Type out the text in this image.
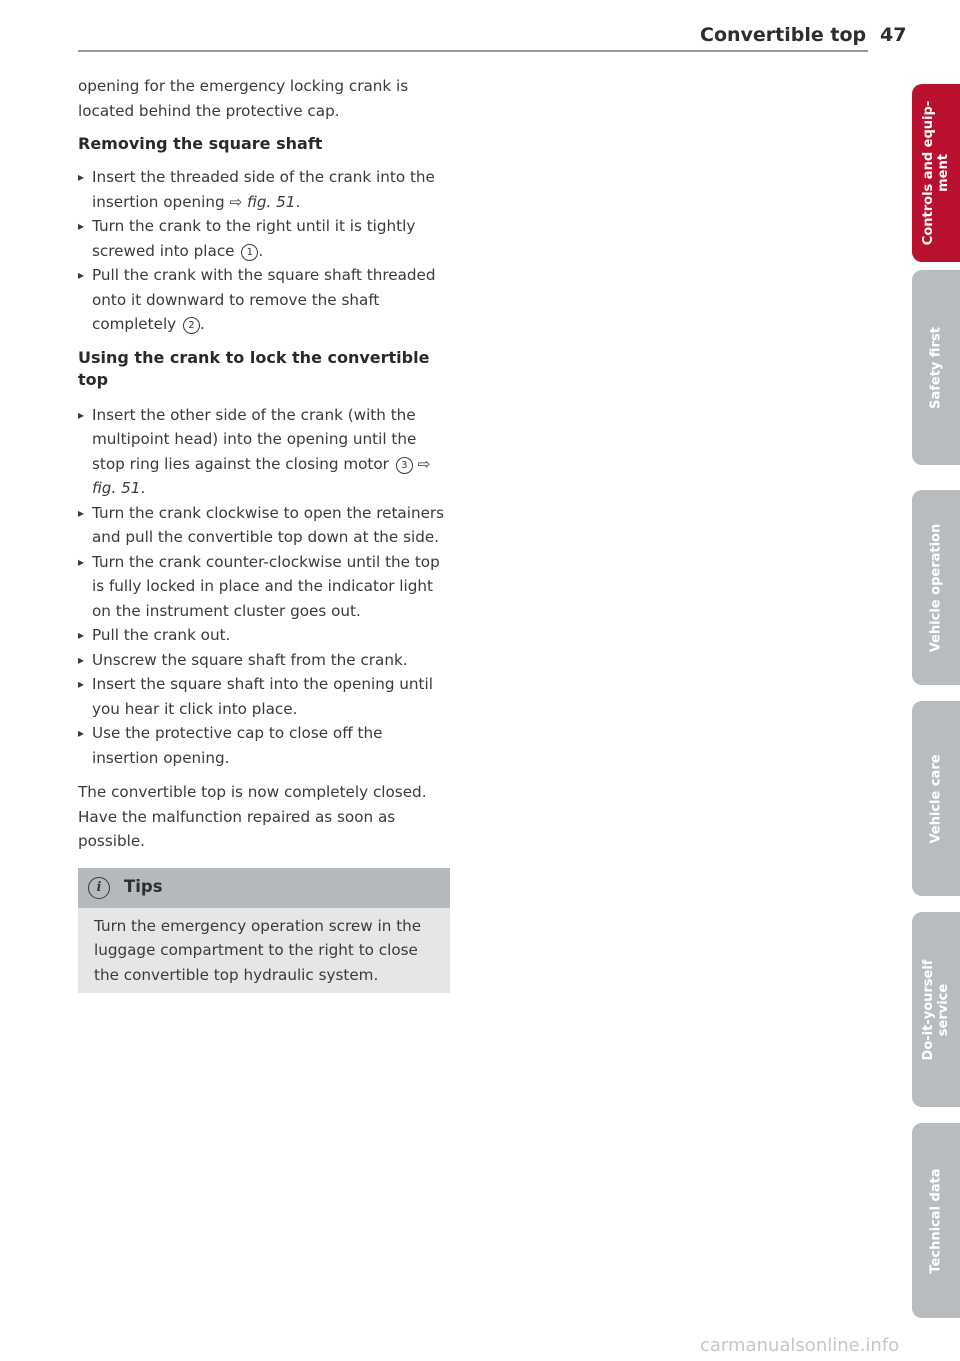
Convertible top 47

opening for the emergency locking crank is located behind the protective cap.

Removing the square shaft
▸ Insert the threaded side of the crank into the insertion opening ⇨ fig. 51.
▸ Turn the crank to the right until it is tightly screwed into place 1 .
▸ Pull the crank with the square shaft threaded onto it downward to remove the shaft completely 2 .
Using the crank to lock the convertible top
▸ Insert the other side of the crank (with the multipoint head) into the opening until the stop ring lies against the closing motor 3 ⇨ fig. 51.
▸ Turn the crank clockwise to open the retainers and pull the convertible top down at the side.
▸ Turn the crank counter-clockwise until the top is fully locked in place and the indicator light on the instrument cluster goes out.
▸ Pull the crank out.
▸ Unscrew the square shaft from the crank.
▸ Insert the square shaft into the opening until you hear it click into place.
▸ Use the protective cap to close off the insertion opening.

The convertible top is now completely closed. Have the malfunction repaired as soon as possible.

i	Tips
Turn the emergency operation screw in the luggage compartment to the right to close the convertible top hydraulic system.
Controls and equip-
ment
Safety first
Vehicle operation
Vehicle care
Do-it-yourself
service
Technical data
carmanualsonline.info
